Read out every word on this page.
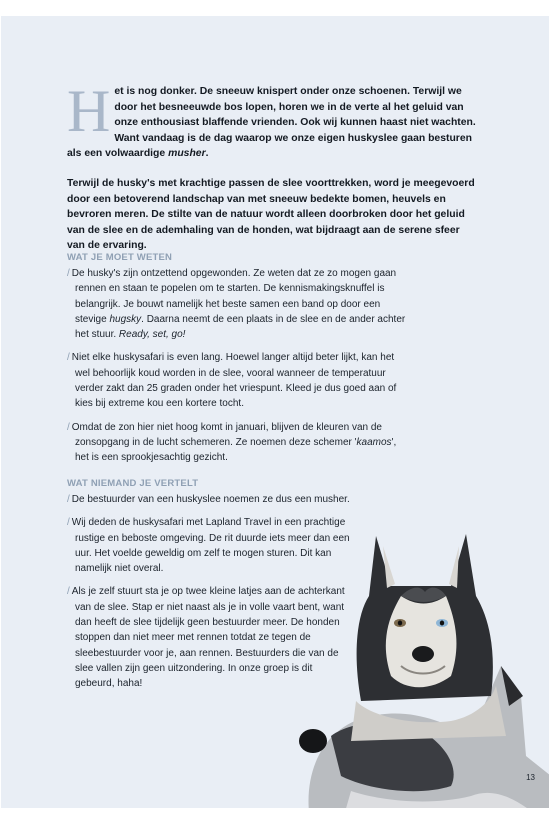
Het is nog donker. De sneeuw knispert onder onze schoenen. Terwijl we door het besneeuwde bos lopen, horen we in de verte al het geluid van onze enthousiast blaffende vrienden. Ook wij kunnen haast niet wachten. Want vandaag is de dag waarop we onze eigen huskyslee gaan besturen als een volwaardige musher.

Terwijl de husky's met krachtige passen de slee voorttrekken, word je meegevoerd door een betoverend landschap van met sneeuw bedekte bomen, heuvels en bevroren meren. De stilte van de natuur wordt alleen doorbroken door het geluid van de slee en de ademhaling van de honden, wat bijdraagt aan de serene sfeer van de ervaring.

WAT JE MOET WETEN
/ De husky's zijn ontzettend opgewonden. Ze weten dat ze zo mogen gaan rennen en staan te popelen om te starten. De kennismakingsknuffel is belangrijk. Je bouwt namelijk het beste samen een band op door een stevige hugsky. Daarna neemt de een plaats in de slee en de ander achter het stuur. Ready, set, go!
/ Niet elke huskysafari is even lang. Hoewel langer altijd beter lijkt, kan het wel behoorlijk koud worden in de slee, vooral wanneer de temperatuur verder zakt dan 25 graden onder het vriespunt. Kleed je dus goed aan of kies bij extreme kou een kortere tocht.
/ Omdat de zon hier niet hoog komt in januari, blijven de kleuren van de zonsopgang in de lucht schemeren. Ze noemen deze schemer 'kaamos', het is een sprookjesachtig gezicht.
WAT NIEMAND JE VERTELT
/ De bestuurder van een huskyslee noemen ze dus een musher.
/ Wij deden de huskysafari met Lapland Travel in een prachtige rustige en beboste omgeving. De rit duurde iets meer dan een uur. Het voelde geweldig om zelf te mogen sturen. Dit kan namelijk niet overal.
/ Als je zelf stuurt sta je op twee kleine latjes aan de achterkant van de slee. Stap er niet naast als je in volle vaart bent, want dan heeft de slee tijdelijk geen bestuurder meer. De honden stoppen dan niet meer met rennen totdat ze tegen de sleebestuurder voor je, aan rennen. Bestuurders die van de slee vallen zijn geen uitzondering. In onze groep is dit gebeurd, haha!
13
